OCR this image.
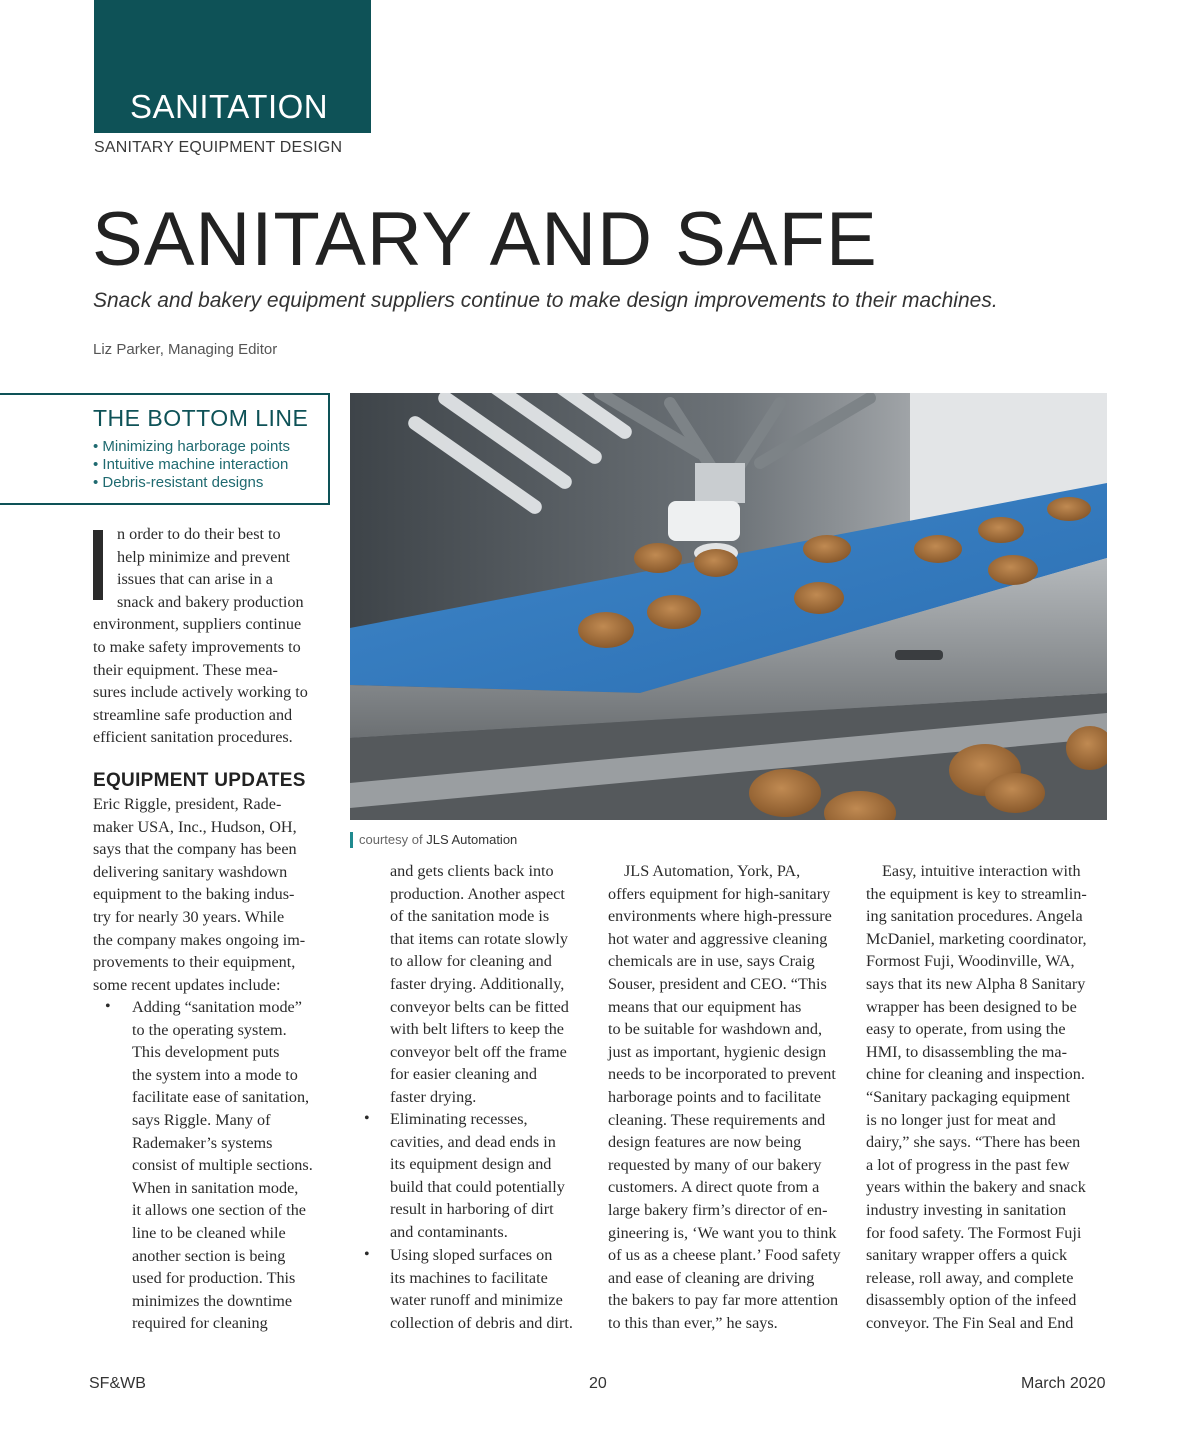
SANITATION
SANITARY EQUIPMENT DESIGN
SANITARY AND SAFE
Snack and bakery equipment suppliers continue to make design improvements to their machines.
Liz Parker, Managing Editor
THE BOTTOM LINE
• Minimizing harborage points
• Intuitive machine interaction
• Debris-resistant designs
courtesy of JLS Automation
n order to do their best to
help minimize and prevent
issues that can arise in a
snack and bakery production
environment, suppliers continue
to make safety improvements to
their equipment. These mea-
sures include actively working to
streamline safe production and
efficient sanitation procedures.
EQUIPMENT UPDATES
Eric Riggle, president, Rade-
maker USA, Inc., Hudson, OH,
says that the company has been
delivering sanitary washdown
equipment to the baking indus-
try for nearly 30 years. While
the company makes ongoing im-
provements to their equipment,
some recent updates include:
• Adding “sanitation mode”
to the operating system.
This development puts
the system into a mode to
facilitate ease of sanitation,
says Riggle. Many of
Rademaker’s systems
consist of multiple sections.
When in sanitation mode,
it allows one section of the
line to be cleaned while
another section is being
used for production. This
minimizes the downtime
required for cleaning
and gets clients back into
production. Another aspect
of the sanitation mode is
that items can rotate slowly
to allow for cleaning and
faster drying. Additionally,
conveyor belts can be fitted
with belt lifters to keep the
conveyor belt off the frame
for easier cleaning and
faster drying.
• Eliminating recesses,
cavities, and dead ends in
its equipment design and
build that could potentially
result in harboring of dirt
and contaminants.
• Using sloped surfaces on
its machines to facilitate
water runoff and minimize
collection of debris and dirt.
JLS Automation, York, PA,
offers equipment for high-sanitary
environments where high-pressure
hot water and aggressive cleaning
chemicals are in use, says Craig
Souser, president and CEO. “This
means that our equipment has
to be suitable for washdown and,
just as important, hygienic design
needs to be incorporated to prevent
harborage points and to facilitate
cleaning. These requirements and
design features are now being
requested by many of our bakery
customers. A direct quote from a
large bakery firm’s director of en-
gineering is, ‘We want you to think
of us as a cheese plant.’ Food safety
and ease of cleaning are driving
the bakers to pay far more attention
to this than ever,” he says.
Easy, intuitive interaction with
the equipment is key to streamlin-
ing sanitation procedures. Angela
McDaniel, marketing coordinator,
Formost Fuji, Woodinville, WA,
says that its new Alpha 8 Sanitary
wrapper has been designed to be
easy to operate, from using the
HMI, to disassembling the ma-
chine for cleaning and inspection.
“Sanitary packaging equipment
is no longer just for meat and
dairy,” she says. “There has been
a lot of progress in the past few
years within the bakery and snack
industry investing in sanitation
for food safety. The Formost Fuji
sanitary wrapper offers a quick
release, roll away, and complete
disassembly option of the infeed
conveyor. The Fin Seal and End
SF&WB	20	March 2020
